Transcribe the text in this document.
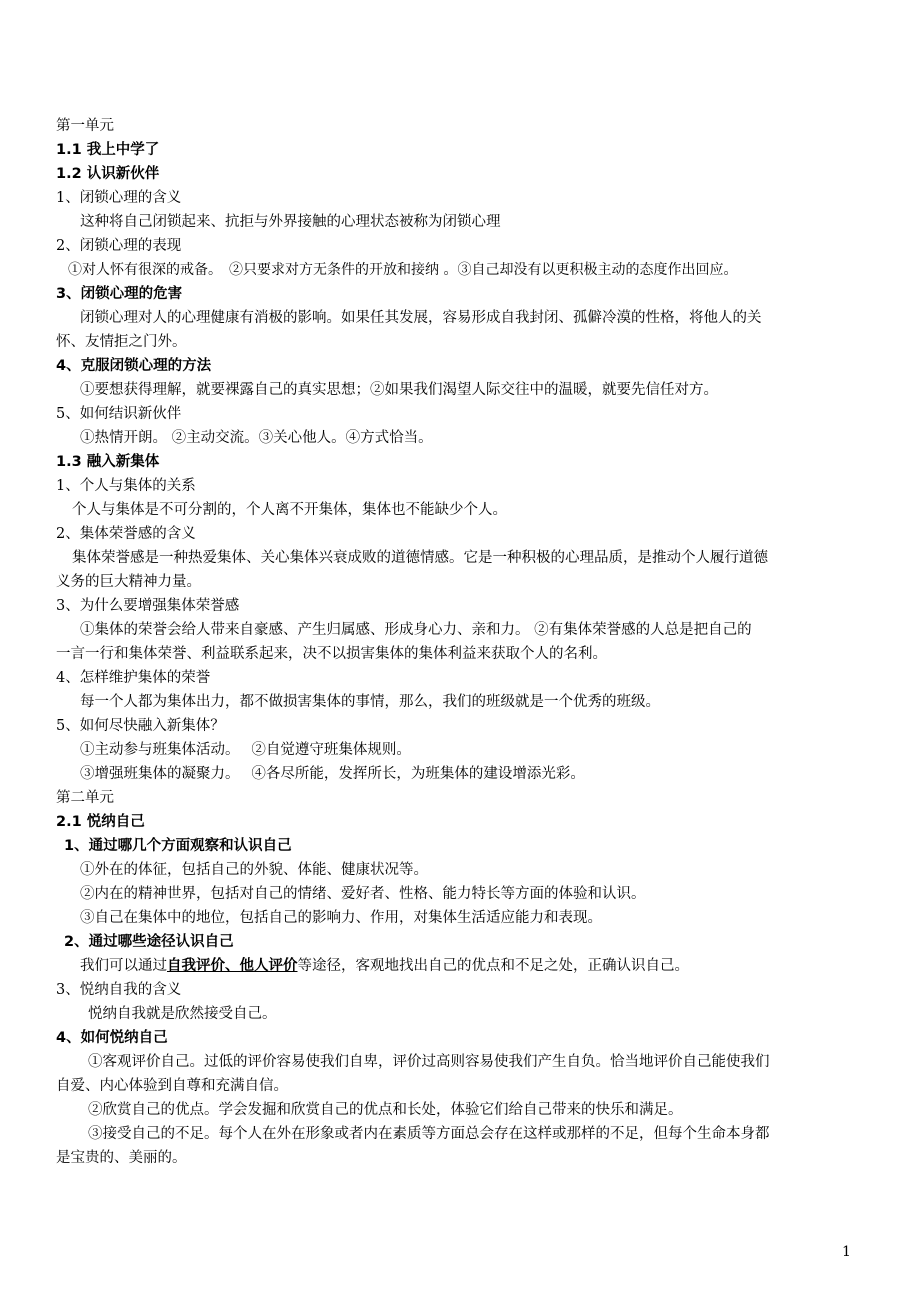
第一单元
1.1 我上中学了
1.2 认识新伙伴
1、闭锁心理的含义
这种将自己闭锁起来、抗拒与外界接触的心理状态被称为闭锁心理
2、闭锁心理的表现
①对人怀有很深的戒备。　②只要求对方无条件的开放和接纳 。③自己却没有以更积极主动的态度作出回应。
3、闭锁心理的危害
闭锁心理对人的心理健康有消极的影响。如果任其发展，容易形成自我封闭、孤僻冷漠的性格，将他人的关
怀、友情拒之门外。
4、克服闭锁心理的方法
①要想获得理解，就要裸露自己的真实思想；②如果我们渴望人际交往中的温暖，就要先信任对方。
5、如何结识新伙伴
①热情开朗。 ②主动交流。③关心他人。④方式恰当。
1.3 融入新集体
1、个人与集体的关系
个人与集体是不可分割的，个人离不开集体，集体也不能缺少个人。
2、集体荣誉感的含义
集体荣誉感是一种热爱集体、关心集体兴衰成败的道德情感。它是一种积极的心理品质，是推动个人履行道德
义务的巨大精神力量。
3、为什么要增强集体荣誉感
①集体的荣誉会给人带来自豪感、产生归属感、形成身心力、亲和力。 ②有集体荣誉感的人总是把自己的
一言一行和集体荣誉、利益联系起来，决不以损害集体的集体利益来获取个人的名利。
4、怎样维护集体的荣誉
每一个人都为集体出力，都不做损害集体的事情，那么，我们的班级就是一个优秀的班级。
5、如何尽快融入新集体？
①主动参与班集体活动。　 ②自觉遵守班集体规则。
③增强班集体的凝聚力。　 ④各尽所能，发挥所长，为班集体的建设增添光彩。
第二单元
2.1 悦纳自己
1、通过哪几个方面观察和认识自己
①外在的体征，包括自己的外貌、体能、健康状况等。
②内在的精神世界，包括对自己的情绪、爱好者、性格、能力特长等方面的体验和认识。
③自己在集体中的地位，包括自己的影响力、作用，对集体生活适应能力和表现。
2、通过哪些途径认识自己
我们可以通过自我评价、他人评价等途径，客观地找出自己的优点和不足之处，正确认识自己。
3、悦纳自我的含义
悦纳自我就是欣然接受自己。
4、如何悦纳自己
①客观评价自己。过低的评价容易使我们自卑，评价过高则容易使我们产生自负。恰当地评价自己能使我们
自爱、内心体验到自尊和充满自信。
②欣赏自己的优点。学会发掘和欣赏自己的优点和长处，体验它们给自己带来的快乐和满足。
③接受自己的不足。每个人在外在形象或者内在素质等方面总会存在这样或那样的不足，但每个生命本身都
是宝贵的、美丽的。
1
